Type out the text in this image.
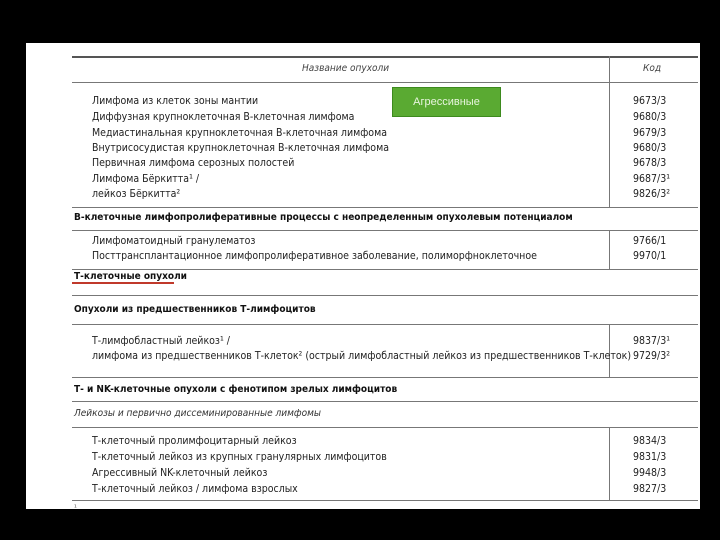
Название опухоли	Код
Лимфома из клеток зоны мантии	9673/3
Диффузная крупноклеточная В-клеточная лимфома	9680/3
Медиастинальная крупноклеточная В-клеточная лимфома	9679/3
Внутрисосудистая крупноклеточная В-клеточная лимфома	9680/3
Первичная лимфома серозных полостей	9678/3
Лимфома Бёркитта¹ /	9687/3¹
лейкоз Бёркитта²	9826/3²
В-клеточные лимфопролиферативные процессы с неопределенным опухолевым потенциалом
Лимфоматоидный гранулематоз	9766/1
Посттрансплантационное лимфопролиферативное заболевание, полиморфноклеточное	9970/1
Т-клеточные опухоли
Опухоли из предшественников Т-лимфоцитов
Т-лимфобластный лейкоз¹ /	9837/3¹
лимфома из предшественников Т-клеток² (острый лимфобластный лейкоз из предшественников Т-клеток) 9729/3²
Т- и NK-клеточные опухоли с фенотипом зрелых лимфоцитов
Лейкозы и первично диссеминированные лимфомы
Т-клеточный пролимфоцитарный лейкоз	9834/3
Т-клеточный лейкоз из крупных гранулярных лимфоцитов	9831/3
Агрессивный NK-клеточный лейкоз	9948/3
Т-клеточный лейкоз / лимфома взрослых	9827/3
¹ ...
Агрессивные
